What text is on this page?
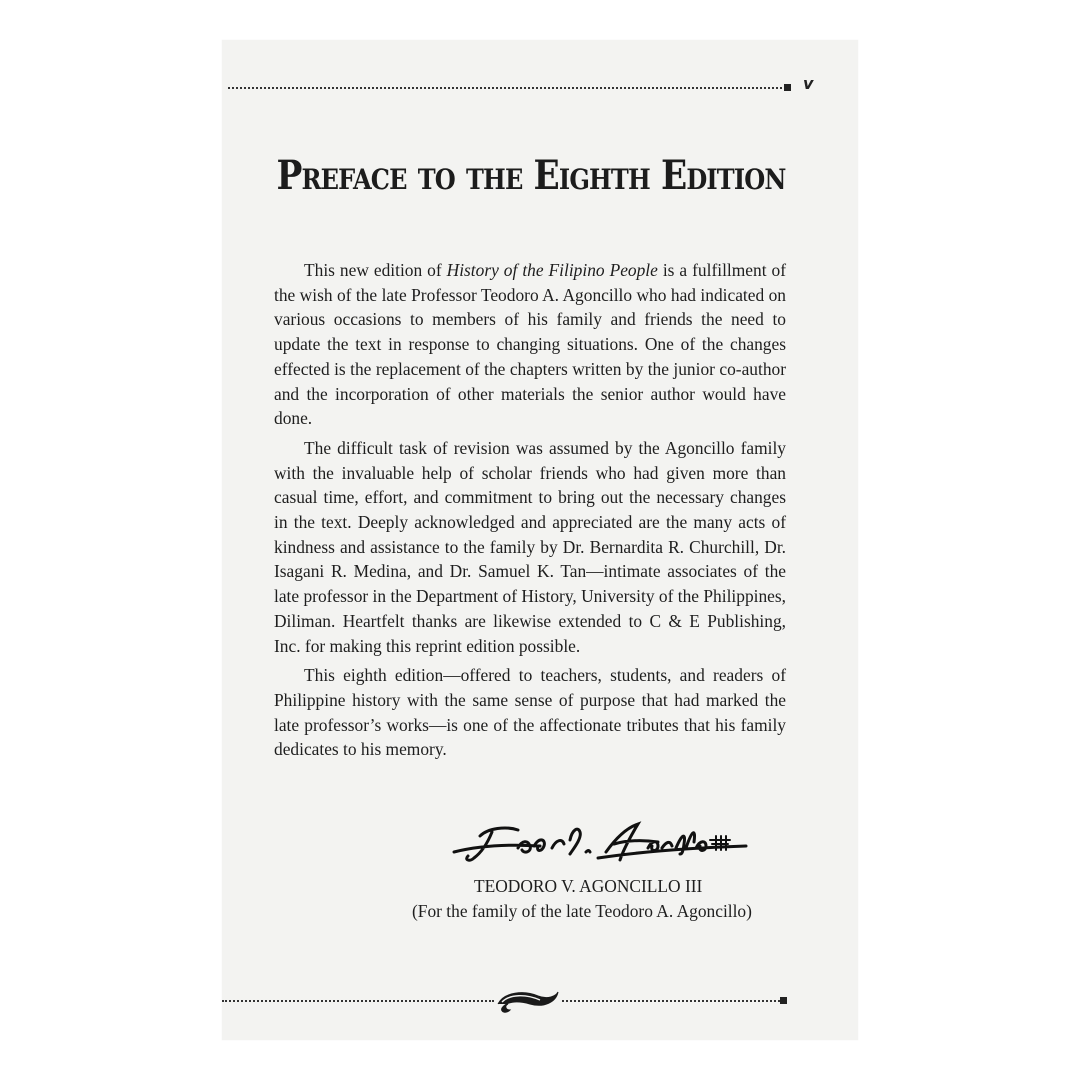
v
Preface to the Eighth Edition

This new edition of History of the Filipino People is a fulfillment of the wish of the late Professor Teodoro A. Agoncillo who had indicated on various occasions to members of his family and friends the need to update the text in response to changing situations. One of the changes effected is the replacement of the chapters written by the junior co-author and the incorporation of other materials the senior author would have done.

The difficult task of revision was assumed by the Agoncillo family with the invaluable help of scholar friends who had given more than casual time, effort, and commitment to bring out the necessary changes in the text. Deeply acknowledged and appreciated are the many acts of kindness and assistance to the family by Dr. Bernardita R. Churchill, Dr. Isagani R. Medina, and Dr. Samuel K. Tan—intimate associates of the late professor in the Department of History, University of the Philippines, Diliman. Heartfelt thanks are likewise extended to C & E Publishing, Inc. for making this reprint edition possible.

This eighth edition—offered to teachers, students, and readers of Philippine history with the same sense of purpose that had marked the late professor’s works—is one of the affectionate tributes that his family dedicates to his memory.

TEODORO V. AGONCILLO III
(For the family of the late Teodoro A. Agoncillo)
